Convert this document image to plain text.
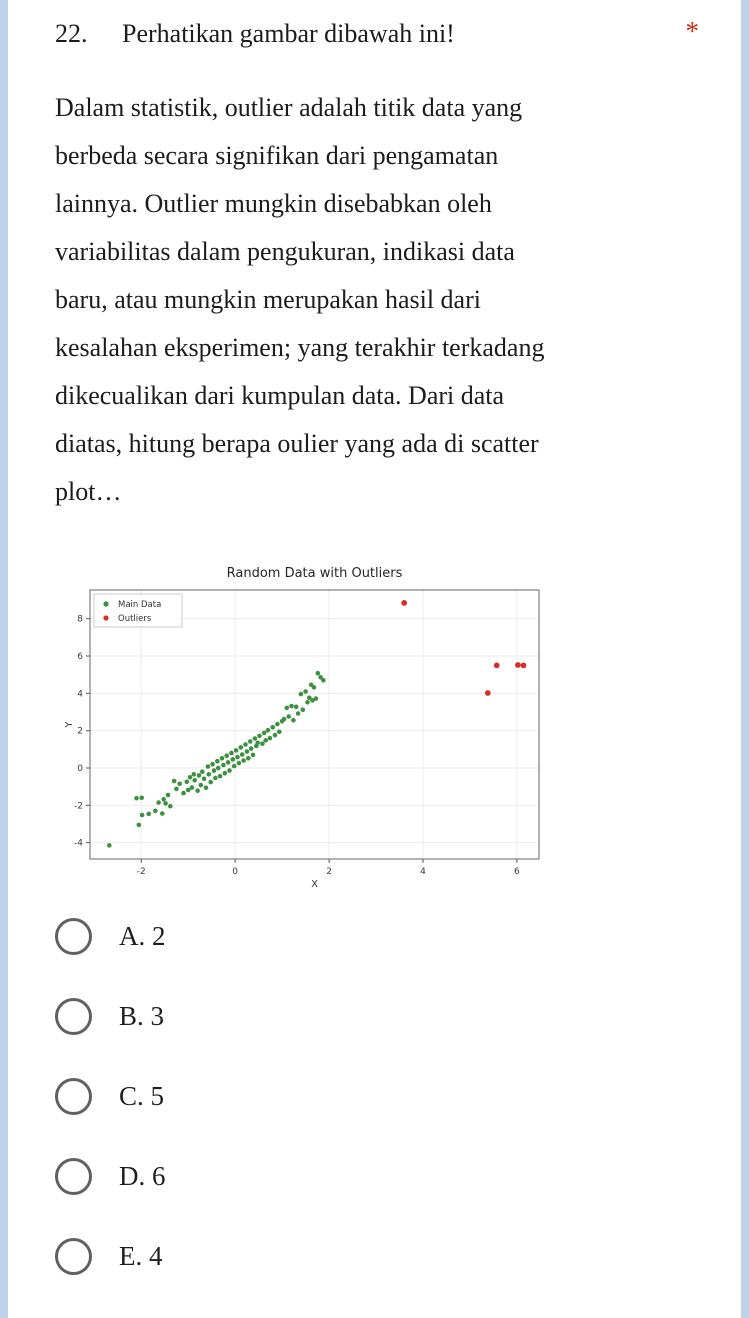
22.	Perhatikan gambar dibawah ini!	*
Dalam statistik, outlier adalah titik data yang
berbeda secara signifikan dari pengamatan
lainnya. Outlier mungkin disebabkan oleh
variabilitas dalam pengukuran, indikasi data
baru, atau mungkin merupakan hasil dari
kesalahan eksperimen; yang terakhir terkadang
dikecualikan dari kumpulan data. Dari data
diatas, hitung berapa oulier yang ada di scatter
plot…
-2	0	2	4	6
-4
-2
0
2
4
6
8
Random Data with Outliers
X
Y
Main Data
Outliers
A. 2
B. 3
C. 5
D. 6
E. 4
